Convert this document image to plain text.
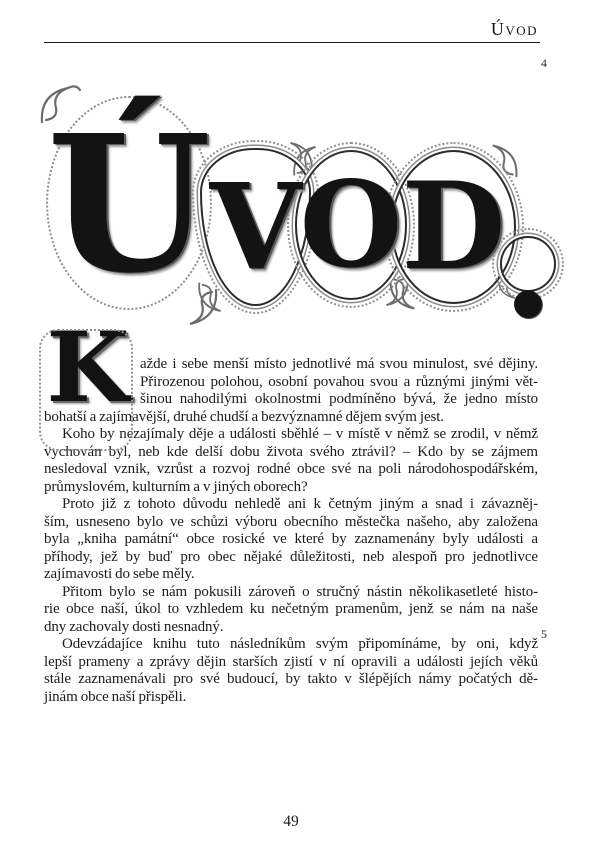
Úvod
4
Ú
V
O D
.
K ažde i sebe menší místo jednotlivé má svou minulost, své dějiny.
Přirozenou polohou, osobní povahou svou a různými jinými vět-
šinou nahodilými okolnostmi podmíněno bývá, že jedno místo
bohatší a zajímavější, druhé chudší a bezvýznamné dějem svým jest.
Koho by nezajímaly děje a události sběhlé – v místě v němž se zrodil, v němž
vychován byl, neb kde delší dobu života svého ztrávil? – Kdo by se zájmem
nesledoval vznik, vzrůst a rozvoj rodné obce své na poli národohospodářském,
průmyslovém, kulturním a v jiných oborech?
Proto již z tohoto důvodu nehledě ani k četným jiným a snad i závazněj-
ším, usneseno bylo ve schůzi výboru obecního městečka našeho, aby založena
byla „kniha památní“ obce rosické ve které by zaznamenány byly události a
příhody, jež by buď pro obec nějaké důležitosti, neb alespoň pro jednotlivce
zajímavosti do sebe měly.
Přitom bylo se nám pokusili zároveň o stručný nástin několikasetleté histo-
rie obce naší, úkol to vzhledem ku nečetným pramenům, jenž se nám na naše
dny zachovaly dosti nesnadný.
Odevzádajíce knihu tuto následníkům svým připomínáme, by oni, když
lepší prameny a zprávy dějin starších zjistí v ní opravili a události jejích věků
stále zaznamenávali pro své budoucí, by takto v šlépějích námy počatých dě-
jinám obce naší přispěli.
5
49
